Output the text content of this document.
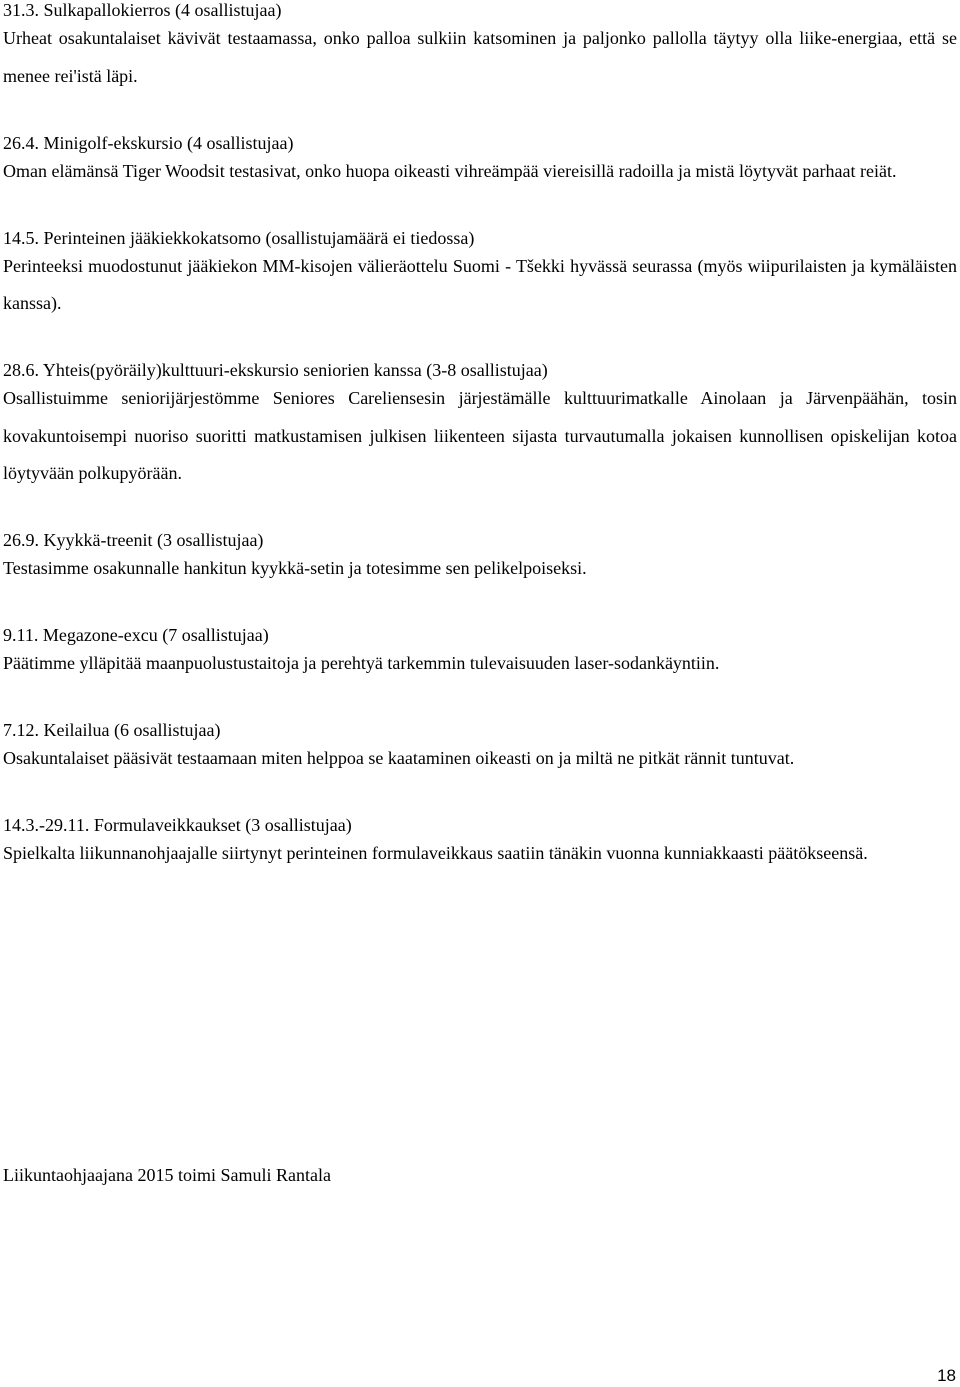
31.3. Sulkapallokierros (4 osallistujaa)
Urheat osakuntalaiset kävivät testaamassa, onko palloa sulkiin katsominen ja paljonko pallolla täytyy olla liike-energiaa, että se menee rei'istä läpi.
26.4. Minigolf-ekskursio (4 osallistujaa)
Oman elämänsä Tiger Woodsit testasivat, onko huopa oikeasti vihreämpää viereisillä radoilla ja mistä löytyvät parhaat reiät.
14.5. Perinteinen jääkiekkokatsomo (osallistujamäärä ei tiedossa)
Perinteeksi muodostunut jääkiekon MM-kisojen välieräottelu Suomi - Tšekki hyvässä seurassa (myös wiipurilaisten ja kymäläisten kanssa).
28.6. Yhteis(pyöräily)kulttuuri-ekskursio seniorien kanssa (3-8 osallistujaa)
Osallistuimme seniorijärjestömme Seniores Careliensesin järjestämälle kulttuurimatkalle Ainolaan ja Järvenpäähän, tosin kovakuntoisempi nuoriso suoritti matkustamisen julkisen liikenteen sijasta turvautumalla jokaisen kunnollisen opiskelijan kotoa löytyvään polkupyörään.
26.9. Kyykkä-treenit (3 osallistujaa)
Testasimme osakunnalle hankitun kyykkä-setin ja totesimme sen pelikelpoiseksi.
9.11. Megazone-excu (7 osallistujaa)
Päätimme ylläpitää maanpuolustustaitoja ja perehtyä tarkemmin tulevaisuuden laser-sodankäyntiin.
7.12. Keilailua (6 osallistujaa)
Osakuntalaiset pääsivät testaamaan miten helppoa se kaataminen oikeasti on ja miltä ne pitkät rännit tuntuvat.
14.3.-29.11. Formulaveikkaukset (3 osallistujaa)
Spielkalta liikunnanohjaajalle siirtynyt perinteinen formulaveikkaus saatiin tänäkin vuonna kunniakkaasti päätökseensä.

Liikuntaohjaajana 2015 toimi Samuli Rantala

18
